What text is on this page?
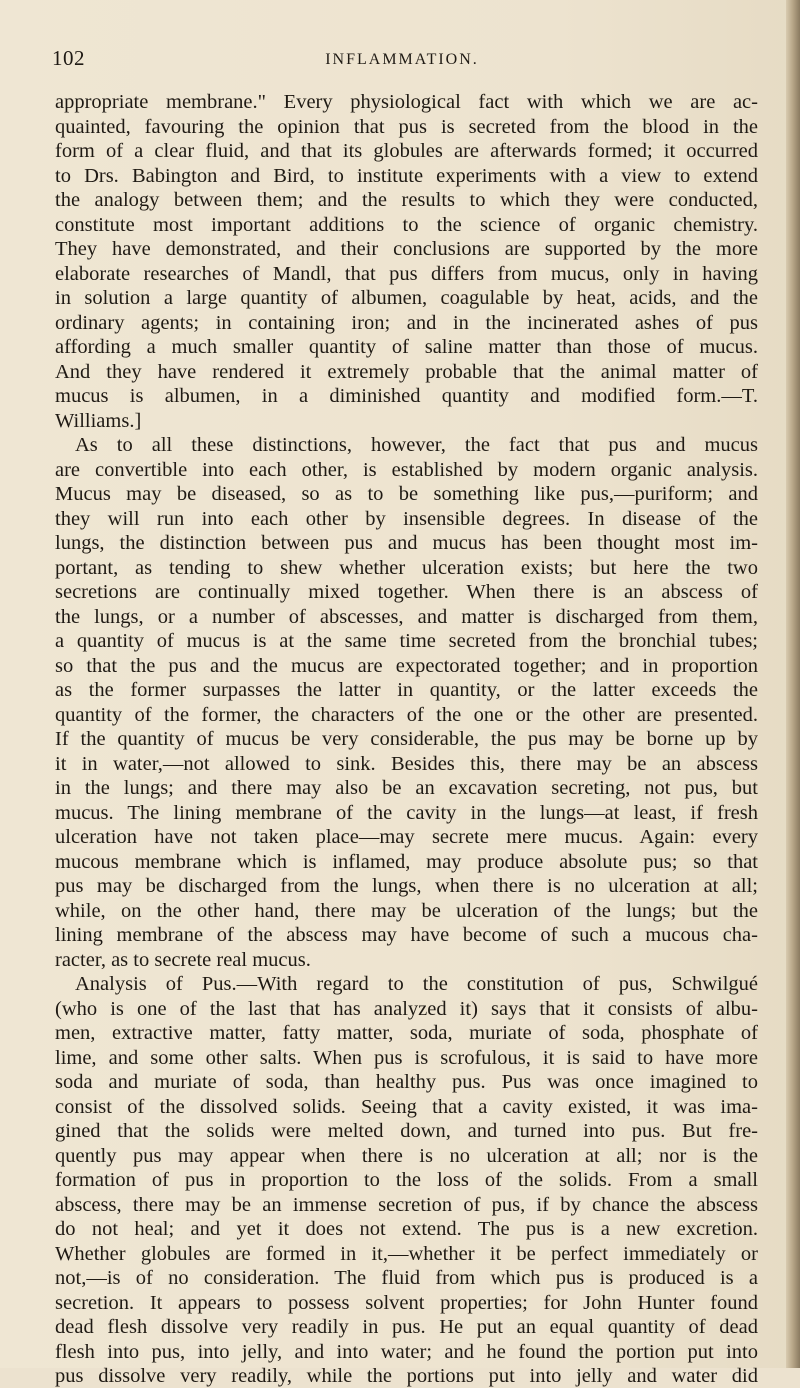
102	INFLAMMATION.
appropriate membrane." Every physiological fact with which we are ac-
quainted, favouring the opinion that pus is secreted from the blood in the
form of a clear fluid, and that its globules are afterwards formed; it occurred
to Drs. Babington and Bird, to institute experiments with a view to extend
the analogy between them; and the results to which they were conducted,
constitute most important additions to the science of organic chemistry.
They have demonstrated, and their conclusions are supported by the more
elaborate researches of Mandl, that pus differs from mucus, only in having
in solution a large quantity of albumen, coagulable by heat, acids, and the
ordinary agents; in containing iron; and in the incinerated ashes of pus
affording a much smaller quantity of saline matter than those of mucus.
And they have rendered it extremely probable that the animal matter of
mucus is albumen, in a diminished quantity and modified form.—T.
Williams.]
As to all these distinctions, however, the fact that pus and mucus
are convertible into each other, is established by modern organic analysis.
Mucus may be diseased, so as to be something like pus,—puriform; and
they will run into each other by insensible degrees. In disease of the
lungs, the distinction between pus and mucus has been thought most im-
portant, as tending to shew whether ulceration exists; but here the two
secretions are continually mixed together. When there is an abscess of
the lungs, or a number of abscesses, and matter is discharged from them,
a quantity of mucus is at the same time secreted from the bronchial tubes;
so that the pus and the mucus are expectorated together; and in proportion
as the former surpasses the latter in quantity, or the latter exceeds the
quantity of the former, the characters of the one or the other are presented.
If the quantity of mucus be very considerable, the pus may be borne up by
it in water,—not allowed to sink. Besides this, there may be an abscess
in the lungs; and there may also be an excavation secreting, not pus, but
mucus. The lining membrane of the cavity in the lungs—at least, if fresh
ulceration have not taken place—may secrete mere mucus. Again: every
mucous membrane which is inflamed, may produce absolute pus; so that
pus may be discharged from the lungs, when there is no ulceration at all;
while, on the other hand, there may be ulceration of the lungs; but the
lining membrane of the abscess may have become of such a mucous cha-
racter, as to secrete real mucus.
Analysis of Pus.—With regard to the constitution of pus, Schwilgué
(who is one of the last that has analyzed it) says that it consists of albu-
men, extractive matter, fatty matter, soda, muriate of soda, phosphate of
lime, and some other salts. When pus is scrofulous, it is said to have more
soda and muriate of soda, than healthy pus. Pus was once imagined to
consist of the dissolved solids. Seeing that a cavity existed, it was ima-
gined that the solids were melted down, and turned into pus. But fre-
quently pus may appear when there is no ulceration at all; nor is the
formation of pus in proportion to the loss of the solids. From a small
abscess, there may be an immense secretion of pus, if by chance the abscess
do not heal; and yet it does not extend. The pus is a new excretion.
Whether globules are formed in it,—whether it be perfect immediately or
not,—is of no consideration. The fluid from which pus is produced is a
secretion. It appears to possess solvent properties; for John Hunter found
dead flesh dissolve very readily in pus. He put an equal quantity of dead
flesh into pus, into jelly, and into water; and he found the portion put into
pus dissolve very readily, while the portions put into jelly and water did
